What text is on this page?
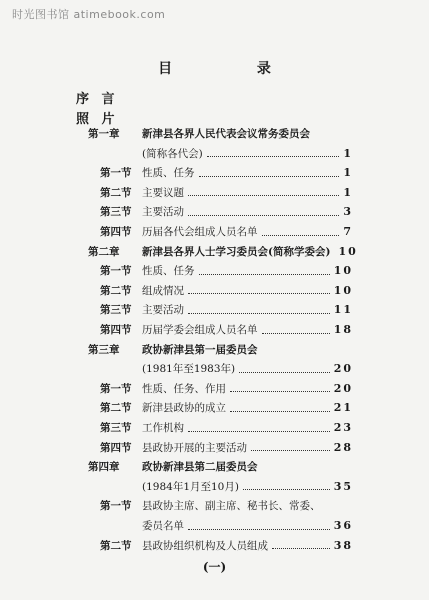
时光图书馆 atimebook.com
目 录
序 言
照 片
第一章 新津县各界人民代表会议常务委员会
(简称各代会)	1
第一节 性质、任务	1
第二节 主要议题	1
第三节 主要活动	3
第四节 历届各代会组成人员名单	7
第二章 新津县各界人士学习委员会(简称学委会) 10
第一节 性质、任务	10
第二节 组成情况	10
第三节 主要活动	11
第四节 历届学委会组成人员名单	18
第三章 政协新津县第一届委员会
(1981年至1983年)	20
第一节 性质、任务、作用	20
第二节 新津县政协的成立	21
第三节 工作机构	23
第四节 县政协开展的主要活动	28
第四章 政协新津县第二届委员会
(1984年1月至10月)	35
第一节 县政协主席、副主席、秘书长、常委、
委员名单	36
第二节 县政协组织机构及人员组成	38
(一)
